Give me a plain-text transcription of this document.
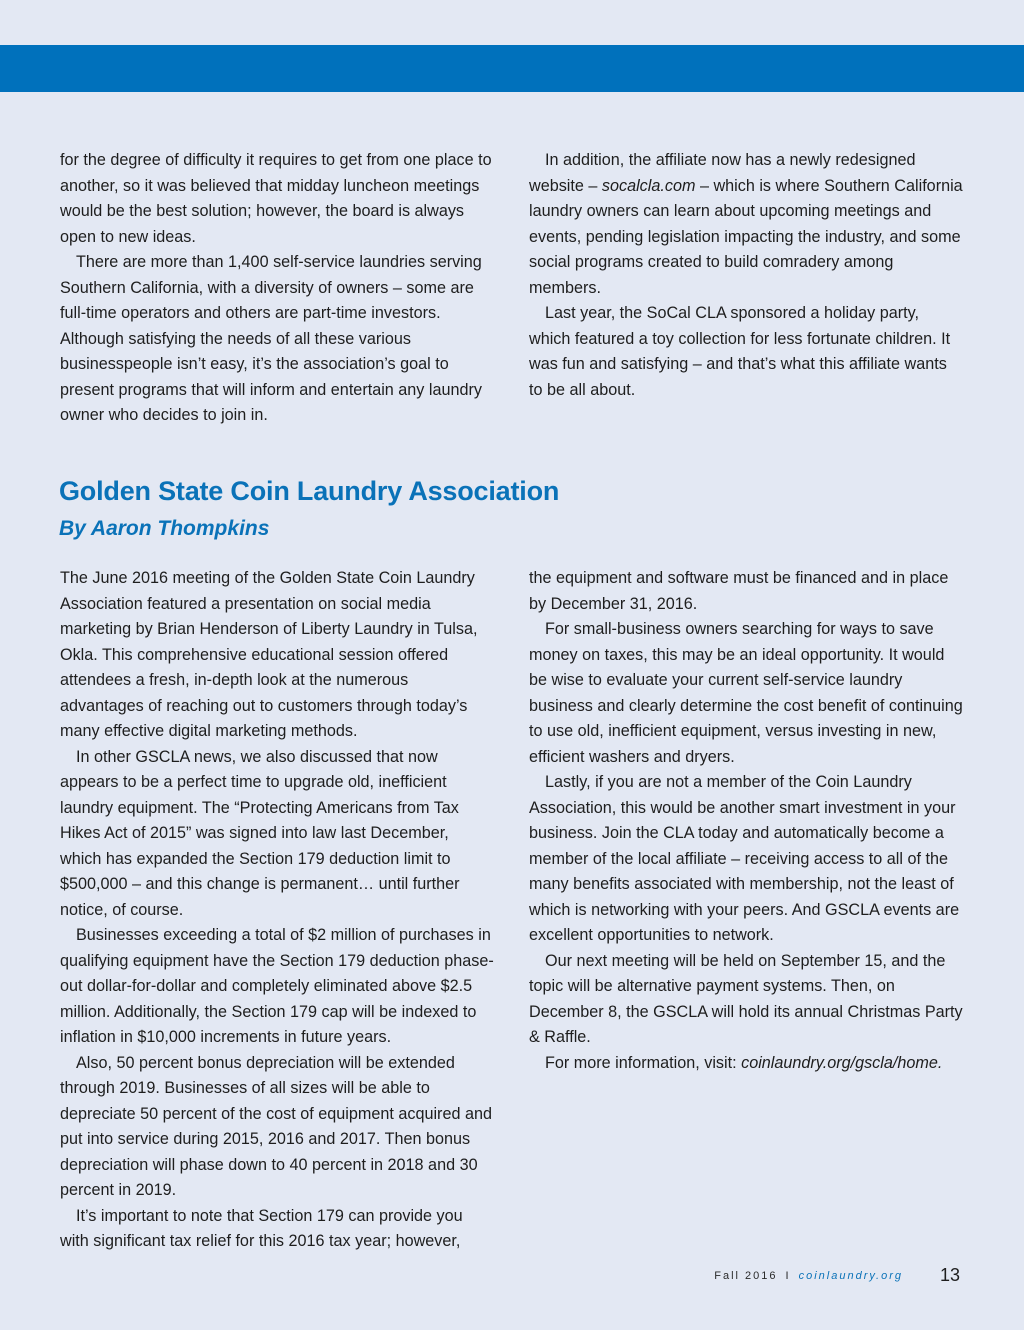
for the degree of difficulty it requires to get from one place to another, so it was believed that midday luncheon meetings would be the best solution; however, the board is always open to new ideas.

There are more than 1,400 self-service laundries serving Southern California, with a diversity of owners – some are full-time operators and others are part-time investors. Although satisfying the needs of all these various businesspeople isn’t easy, it’s the association’s goal to present programs that will inform and entertain any laundry owner who decides to join in.

In addition, the affiliate now has a newly redesigned website – socalcla.com – which is where Southern California laundry owners can learn about upcoming meetings and events, pending legislation impacting the industry, and some social programs created to build comradery among members.

Last year, the SoCal CLA sponsored a holiday party, which featured a toy collection for less fortunate children. It was fun and satisfying – and that’s what this affiliate wants to be all about.

Golden State Coin Laundry Association
By Aaron Thompkins

The June 2016 meeting of the Golden State Coin Laundry Association featured a presentation on social media marketing by Brian Henderson of Liberty Laundry in Tulsa, Okla. This comprehensive educational session offered attendees a fresh, in-depth look at the numerous advantages of reaching out to customers through today’s many effective digital marketing methods.

In other GSCLA news, we also discussed that now appears to be a perfect time to upgrade old, inefficient laundry equipment. The “Protecting Americans from Tax Hikes Act of 2015” was signed into law last December, which has expanded the Section 179 deduction limit to $500,000 – and this change is permanent… until further notice, of course.

Businesses exceeding a total of $2 million of purchases in qualifying equipment have the Section 179 deduction phase-out dollar-for-dollar and completely eliminated above $2.5 million. Additionally, the Section 179 cap will be indexed to inflation in $10,000 increments in future years.

Also, 50 percent bonus depreciation will be extended through 2019. Businesses of all sizes will be able to depreciate 50 percent of the cost of equipment acquired and put into service during 2015, 2016 and 2017. Then bonus depreciation will phase down to 40 percent in 2018 and 30 percent in 2019.

It’s important to note that Section 179 can provide you with significant tax relief for this 2016 tax year; however,

the equipment and software must be financed and in place by December 31, 2016.

For small-business owners searching for ways to save money on taxes, this may be an ideal opportunity. It would be wise to evaluate your current self-service laundry business and clearly determine the cost benefit of continuing to use old, inefficient equipment, versus investing in new, efficient washers and dryers.

Lastly, if you are not a member of the Coin Laundry Association, this would be another smart investment in your business. Join the CLA today and automatically become a member of the local affiliate – receiving access to all of the many benefits associated with membership, not the least of which is networking with your peers. And GSCLA events are excellent opportunities to network.

Our next meeting will be held on September 15, and the topic will be alternative payment systems. Then, on December 8, the GSCLA will hold its annual Christmas Party & Raffle.

For more information, visit: coinlaundry.org/gscla/home.

Fall 2016 I coinlaundry.org 13
